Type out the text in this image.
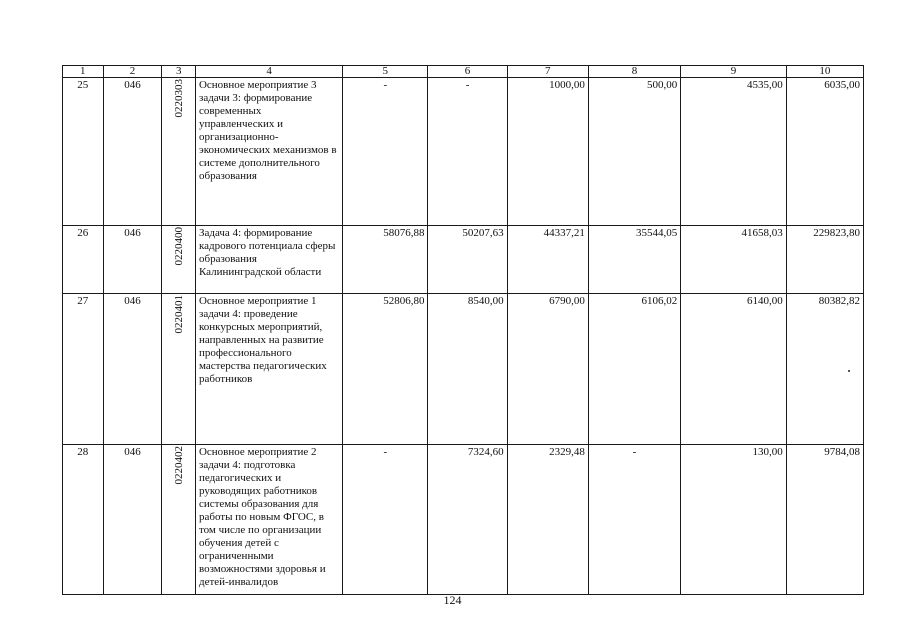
1	2	3	4	5	6	7	8	9	10
25	046	0220303	Основное мероприятие 3 задачи 3: формирование современных управленческих и организационно-экономических механизмов в системе дополнительного образования	-	-	1000,00	500,00	4535,00	6035,00
26	046	0220400	Задача 4: формирование кадрового потенциала сферы образования Калининградской области	58076,88	50207,63	44337,21	35544,05	41658,03	229823,80
27	046	0220401	Основное мероприятие 1 задачи 4: проведение конкурсных мероприятий, направленных на развитие профессионального мастерства педагогических работников	52806,80	8540,00	6790,00	6106,02	6140,00	80382,82
28	046	0220402	Основное мероприятие 2 задачи 4: подготовка педагогических и руководящих работников системы образования для работы по новым ФГОС, в том числе по организации обучения детей с ограниченными возможностями здоровья и детей-инвалидов	-	7324,60	2329,48	-	130,00	9784,08
124
